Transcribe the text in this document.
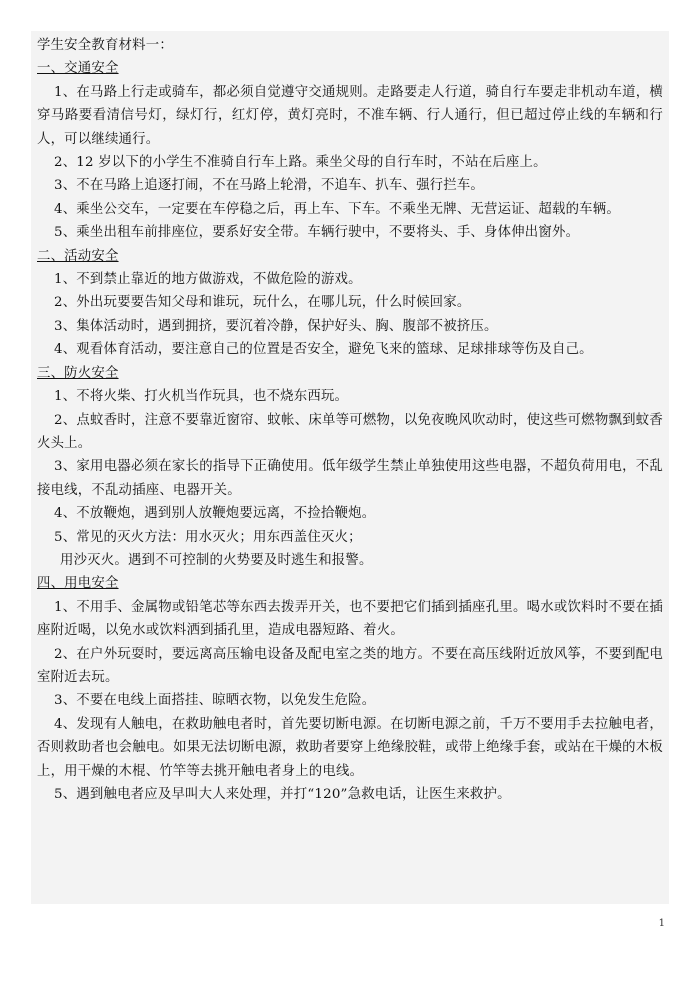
学生安全教育材料一：

一、交通安全

1、在马路上行走或骑车，都必须自觉遵守交通规则。走路要走人行道，骑自行车要走非机动车道，横穿马路要看清信号灯，绿灯行，红灯停，黄灯亮时，不准车辆、行人通行，但已超过停止线的车辆和行人，可以继续通行。

2、12 岁以下的小学生不准骑自行车上路。乘坐父母的自行车时，不站在后座上。

3、不在马路上追逐打闹，不在马路上轮滑，不追车、扒车、强行拦车。

4、乘坐公交车，一定要在车停稳之后，再上车、下车。不乘坐无牌、无营运证、超载的车辆。

5、乘坐出租车前排座位，要系好安全带。车辆行驶中，不要将头、手、身体伸出窗外。

二、活动安全

1、不到禁止靠近的地方做游戏，不做危险的游戏。

2、外出玩要要告知父母和谁玩，玩什么，在哪儿玩，什么时候回家。

3、集体活动时，遇到拥挤，要沉着冷静，保护好头、胸、腹部不被挤压。

4、观看体育活动，要注意自己的位置是否安全，避免飞来的篮球、足球排球等伤及自己。

三、防火安全

1、不将火柴、打火机当作玩具，也不烧东西玩。

2、点蚊香时，注意不要靠近窗帘、蚊帐、床单等可燃物，以免夜晚风吹动时，使这些可燃物飘到蚊香火头上。

3、家用电器必须在家长的指导下正确使用。低年级学生禁止单独使用这些电器，不超负荷用电，不乱接电线，不乱动插座、电器开关。

4、不放鞭炮，遇到别人放鞭炮要远离，不捡拾鞭炮。

5、常见的灭火方法：用水灭火；用东西盖住灭火；

用沙灭火。遇到不可控制的火势要及时逃生和报警。

四、用电安全

1、不用手、金属物或铅笔芯等东西去拨弄开关，也不要把它们插到插座孔里。喝水或饮料时不要在插座附近喝，以免水或饮料洒到插孔里，造成电器短路、着火。

2、在户外玩耍时，要远离高压输电设备及配电室之类的地方。不要在高压线附近放风筝，不要到配电室附近去玩。

3、不要在电线上面搭挂、晾晒衣物，以免发生危险。

4、发现有人触电，在救助触电者时，首先要切断电源。在切断电源之前，千万不要用手去拉触电者，否则救助者也会触电。如果无法切断电源，救助者要穿上绝缘胶鞋，或带上绝缘手套，或站在干燥的木板上，用干燥的木棍、竹竿等去挑开触电者身上的电线。

5、遇到触电者应及早叫大人来处理，并打“120”急救电话，让医生来救护。

1
